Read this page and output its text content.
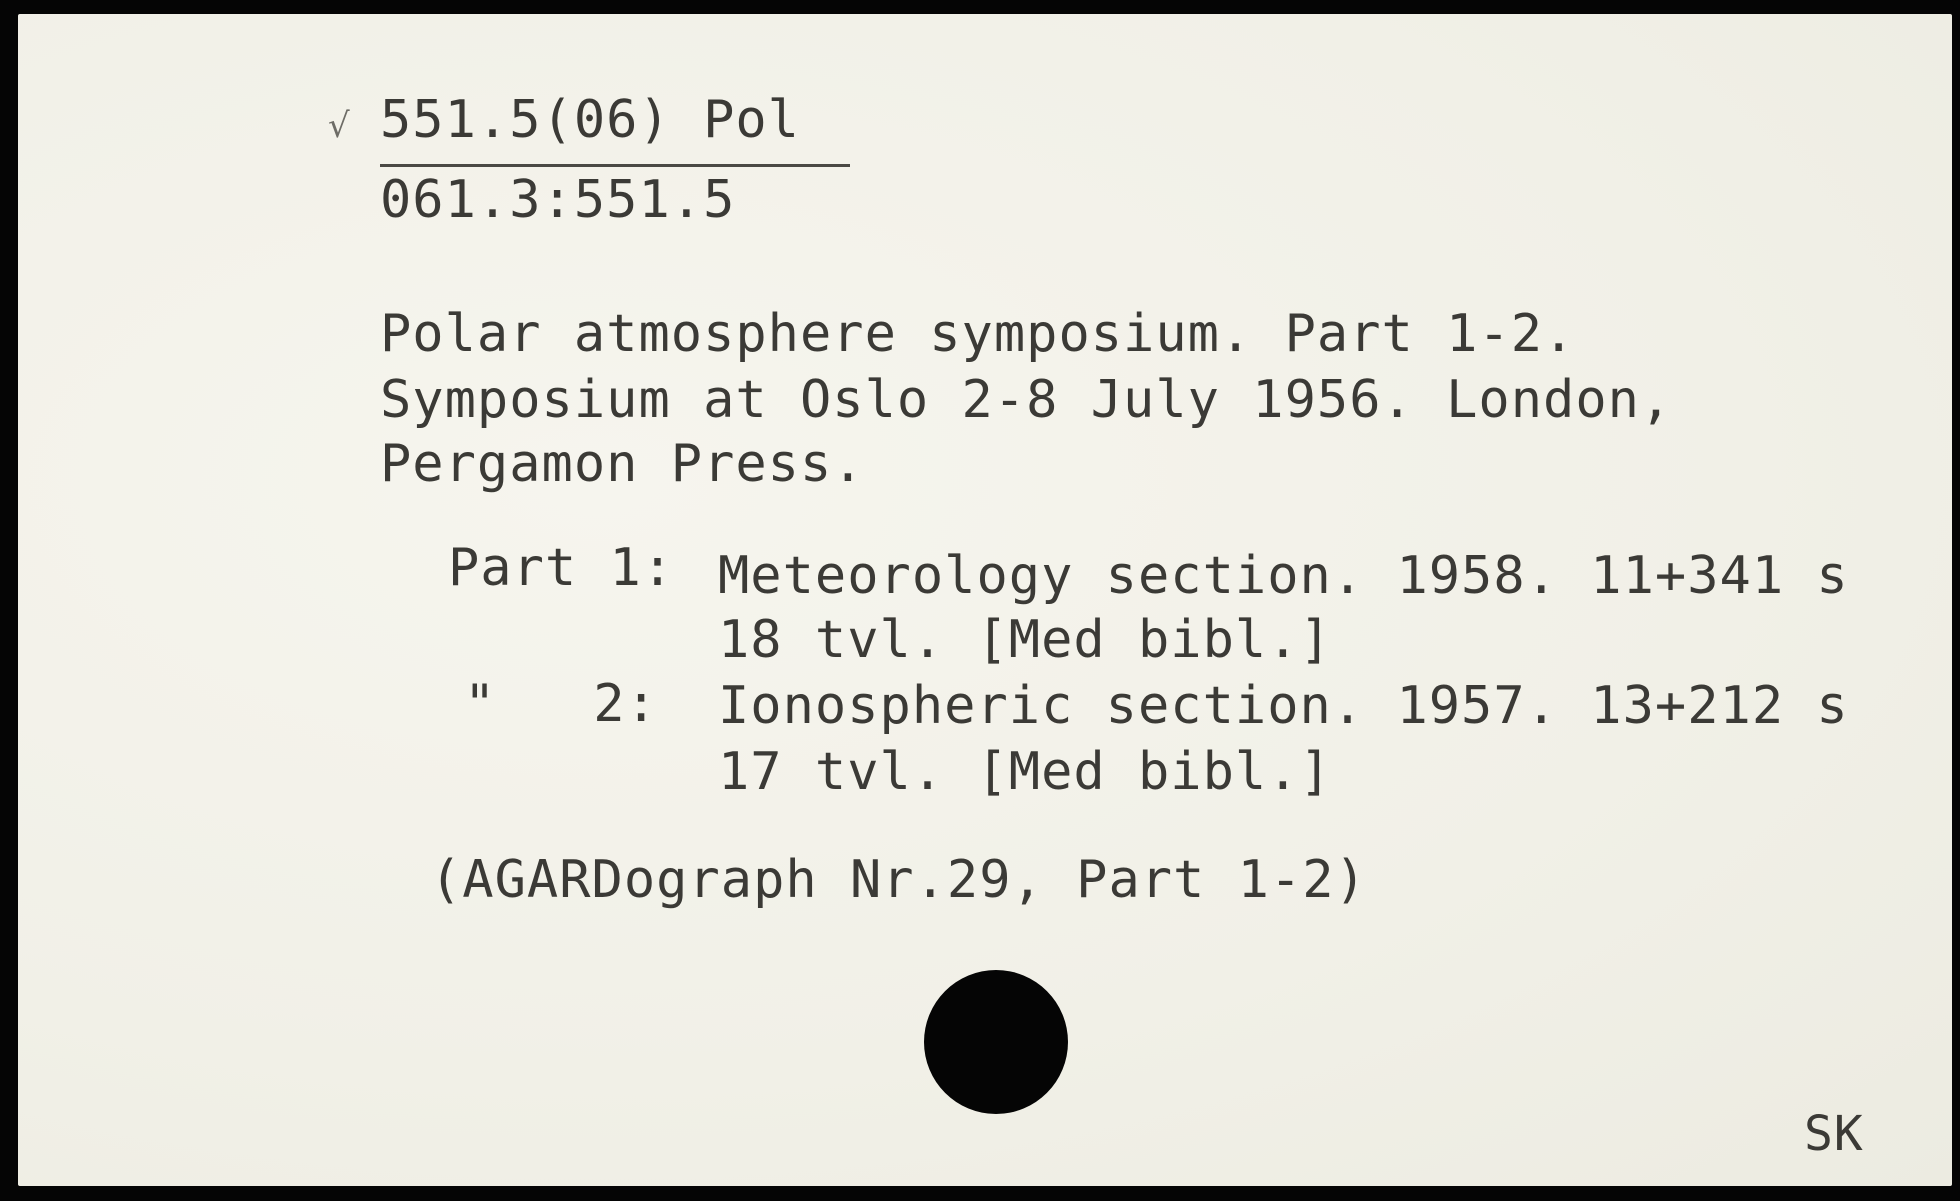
√ 551.5(06) Pol
061.3:551.5
Polar atmosphere symposium. Part 1-2.
Symposium at Oslo 2-8 July 1956. London,
Pergamon Press.
Part 1: Meteorology section. 1958. 11+341 s
18 tvl. [Med bibl.]
"   2: Ionospheric section. 1957. 13+212 s
17 tvl. [Med bibl.]
(AGARDograph Nr.29, Part 1-2)
SK
